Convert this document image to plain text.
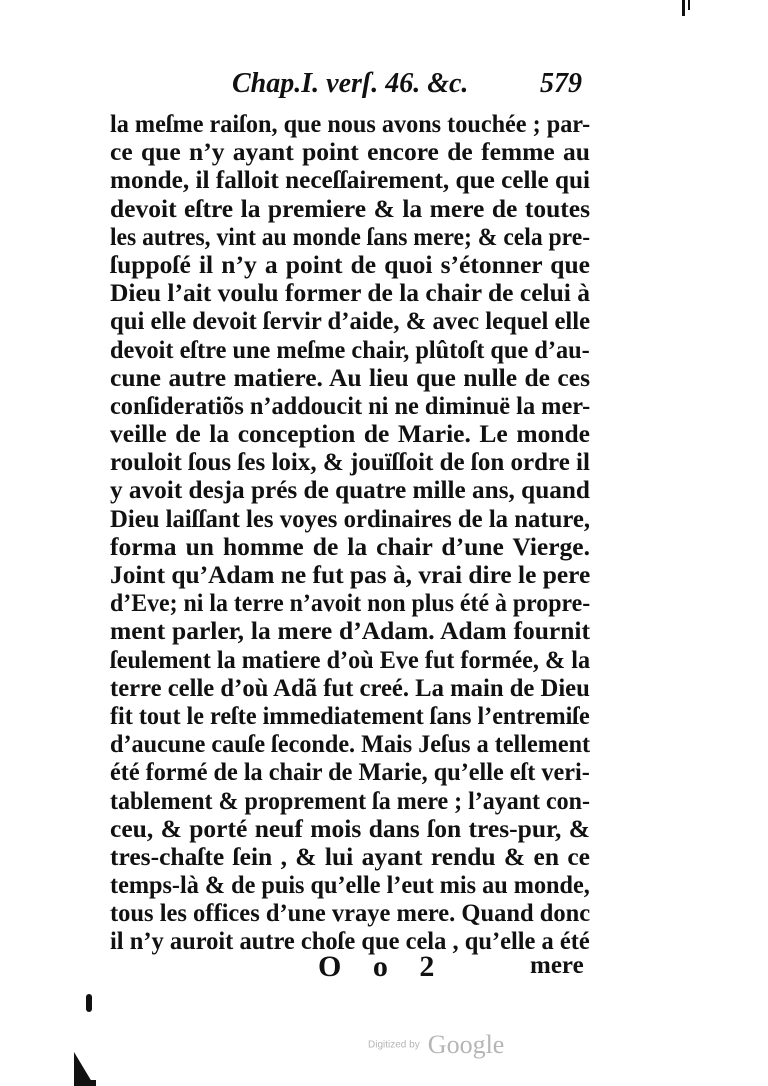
Chap.I. verſ. 46. &c.	579
la meſme raiſon, que nous avons touchée ; par-
ce que n’y ayant point encore de femme au
monde, il falloit neceſſairement, que celle qui
devoit eſtre la premiere & la mere de toutes
les autres, vint au monde ſans mere; & cela pre-
ſuppoſé il n’y a point de quoi s’étonner que
Dieu l’ait voulu former de la chair de celui à
qui elle devoit ſervir d’aide, & avec lequel elle
devoit eſtre une meſme chair, plûtoſt que d’au-
cune autre matiere. Au lieu que nulle de ces
conſideratiõs n’addoucit ni ne diminuë la mer-
veille de la conception de Marie. Le monde
rouloit ſous ſes loix, & jouïſſoit de ſon ordre il
y avoit desja prés de quatre mille ans, quand
Dieu laiſſant les voyes ordinaires de la nature,
forma un homme de la chair d’une Vierge.
Joint qu’Adam ne fut pas à, vrai dire le pere
d’Eve; ni la terre n’avoit non plus été à propre-
ment parler, la mere d’Adam. Adam fournit
ſeulement la matiere d’où Eve fut formée, & la
terre celle d’où Adã fut creé. La main de Dieu
fit tout le reſte immediatement ſans l’entremiſe
d’aucune cauſe ſeconde. Mais Jeſus a tellement
été formé de la chair de Marie, qu’elle eſt veri-
tablement & proprement ſa mere ; l’ayant con-
ceu, & porté neuf mois dans ſon tres-pur, &
tres-chaſte ſein , & lui ayant rendu & en ce
temps-là & de puis qu’elle l’eut mis au monde,
tous les offices d’une vraye mere. Quand donc
il n’y auroit autre choſe que cela , qu’elle a été
O o 2	mere
Digitized by Google
